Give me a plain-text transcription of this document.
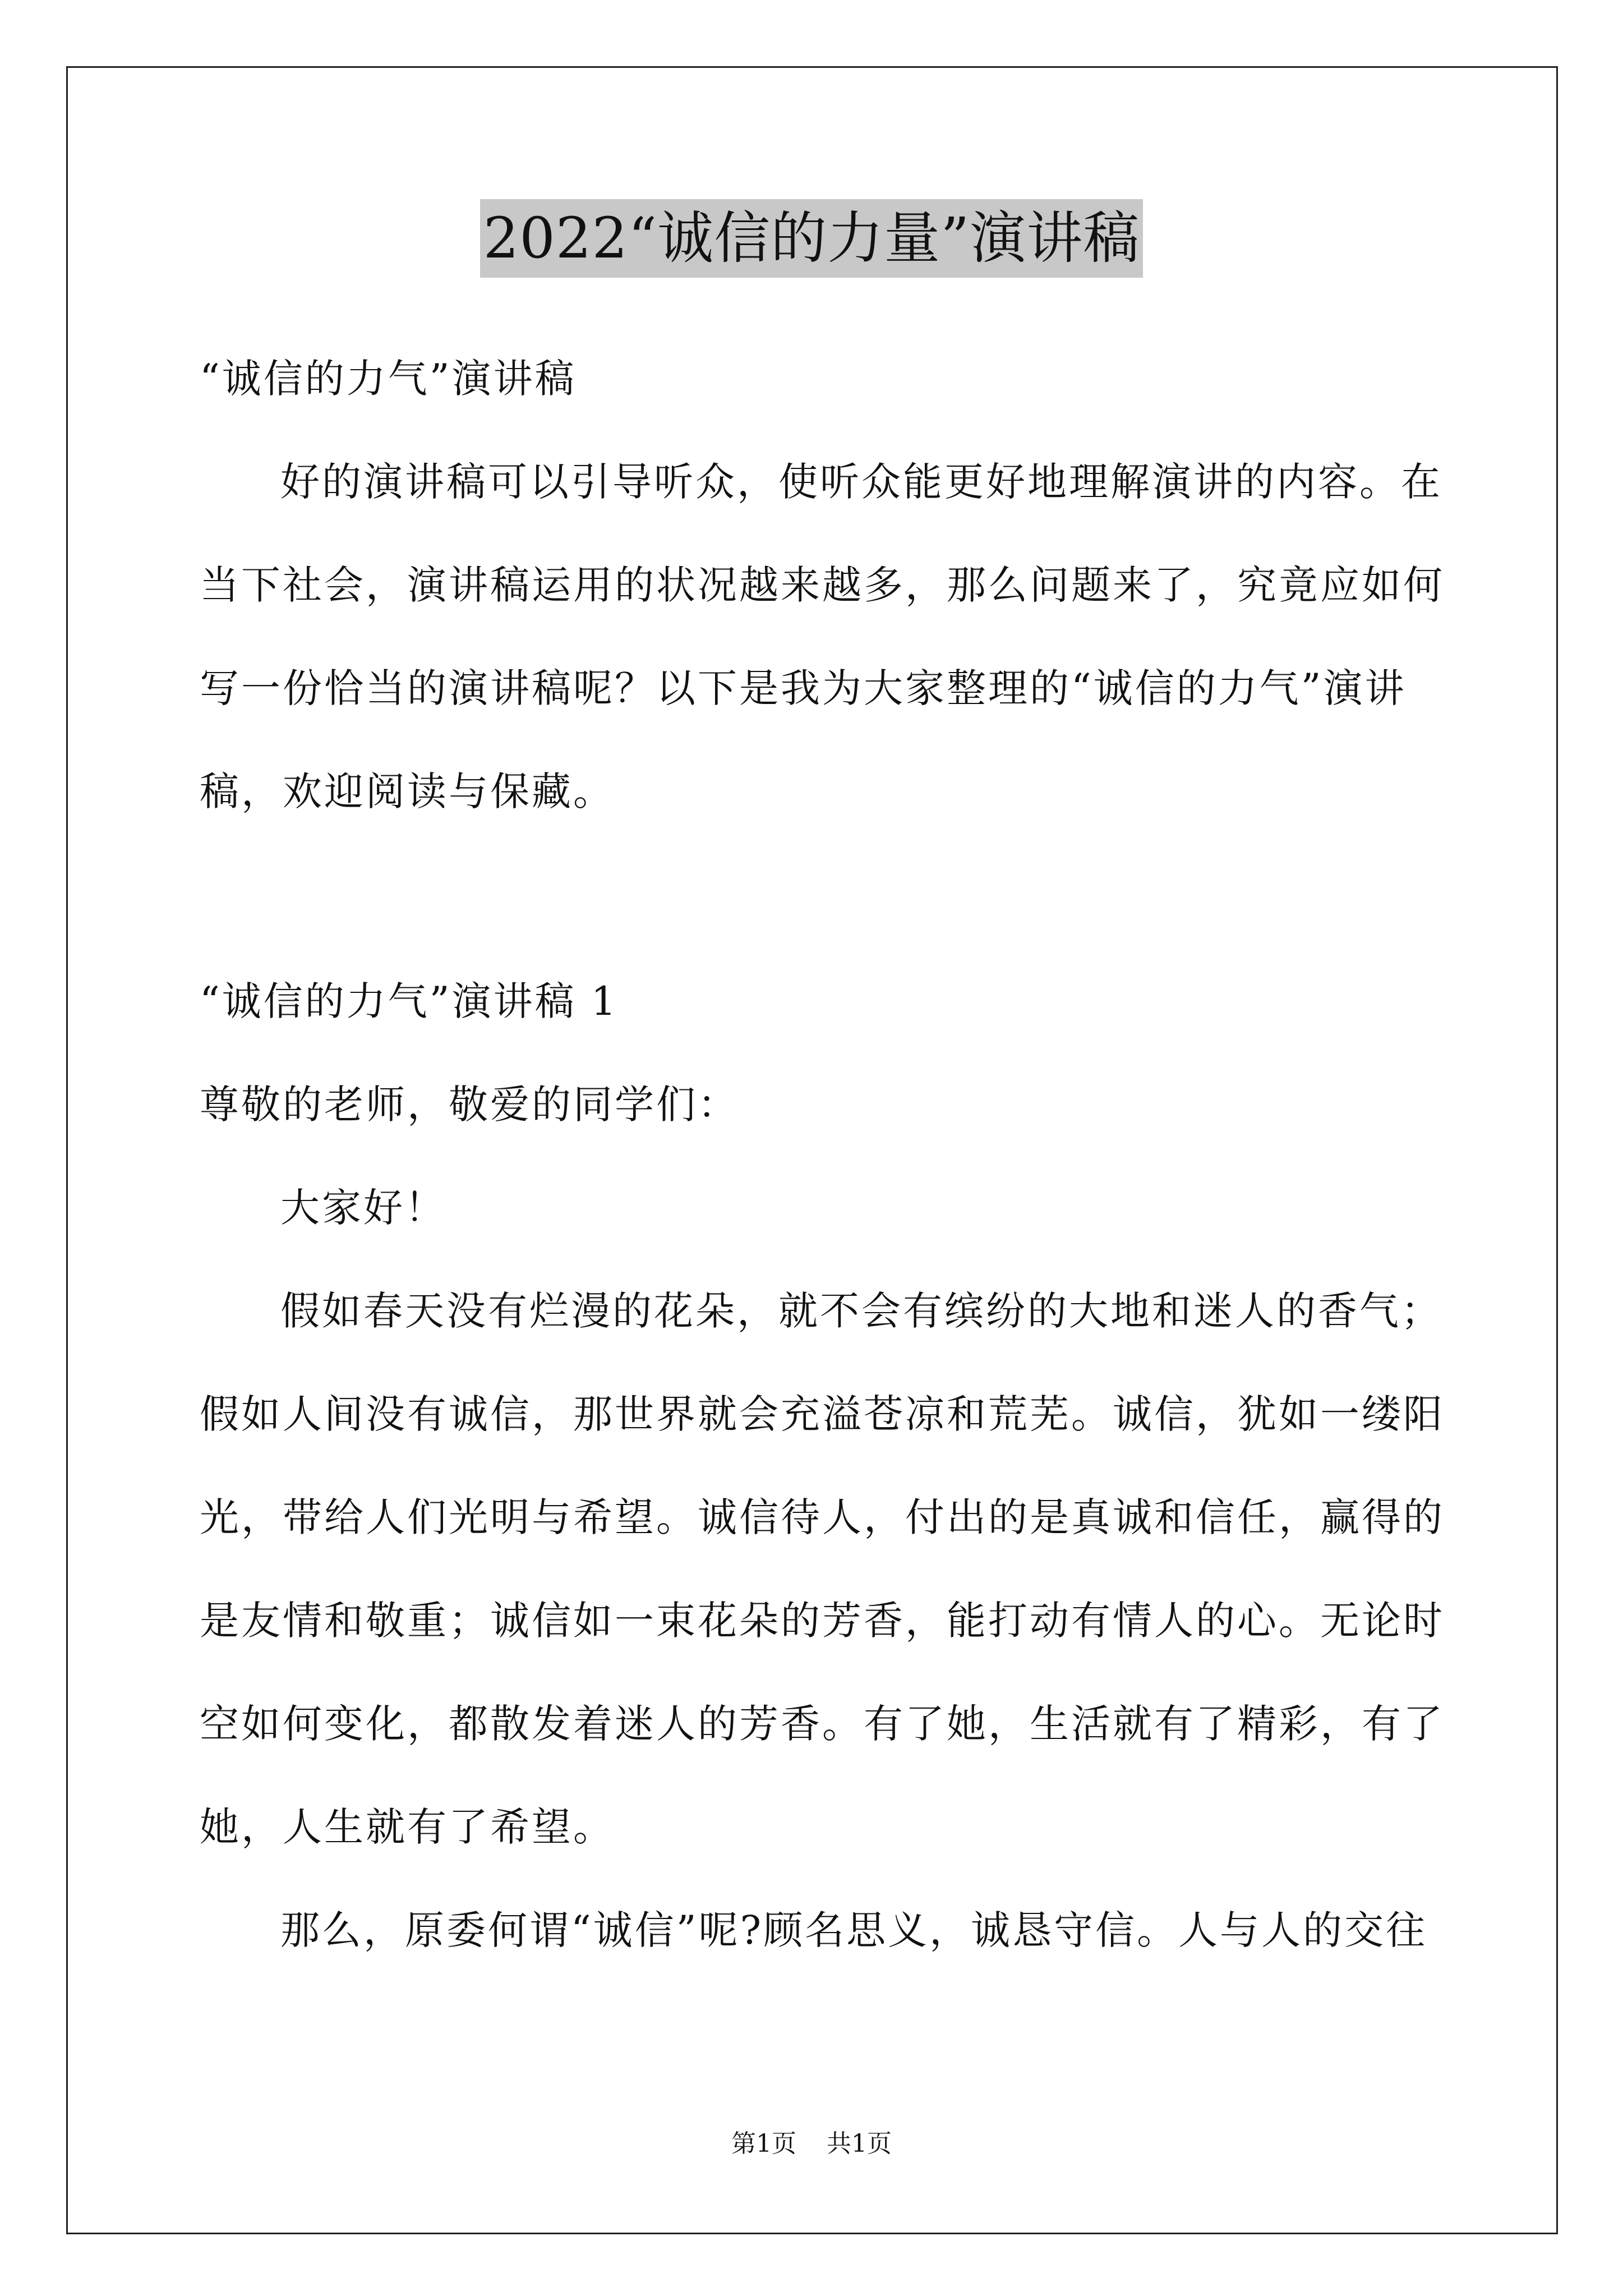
2022“诚信的力量”演讲稿
“诚信的力气”演讲稿
好的演讲稿可以引导听众，使听众能更好地理解演讲的内容。在
当下社会，演讲稿运用的状况越来越多，那么问题来了，究竟应如何
写一份恰当的演讲稿呢？以下是我为大家整理的“诚信的力气”演讲
稿，欢迎阅读与保藏。
“诚信的力气”演讲稿 1
尊敬的老师，敬爱的同学们：
大家好！
假如春天没有烂漫的花朵，就不会有缤纷的大地和迷人的香气；
假如人间没有诚信，那世界就会充溢苍凉和荒芜。诚信，犹如一缕阳
光，带给人们光明与希望。诚信待人，付出的是真诚和信任，赢得的
是友情和敬重；诚信如一束花朵的芳香，能打动有情人的心。无论时
空如何变化，都散发着迷人的芳香。有了她，生活就有了精彩，有了
她，人生就有了希望。
那么，原委何谓“诚信”呢?顾名思义，诚恳守信。人与人的交往
第1页 共1页
